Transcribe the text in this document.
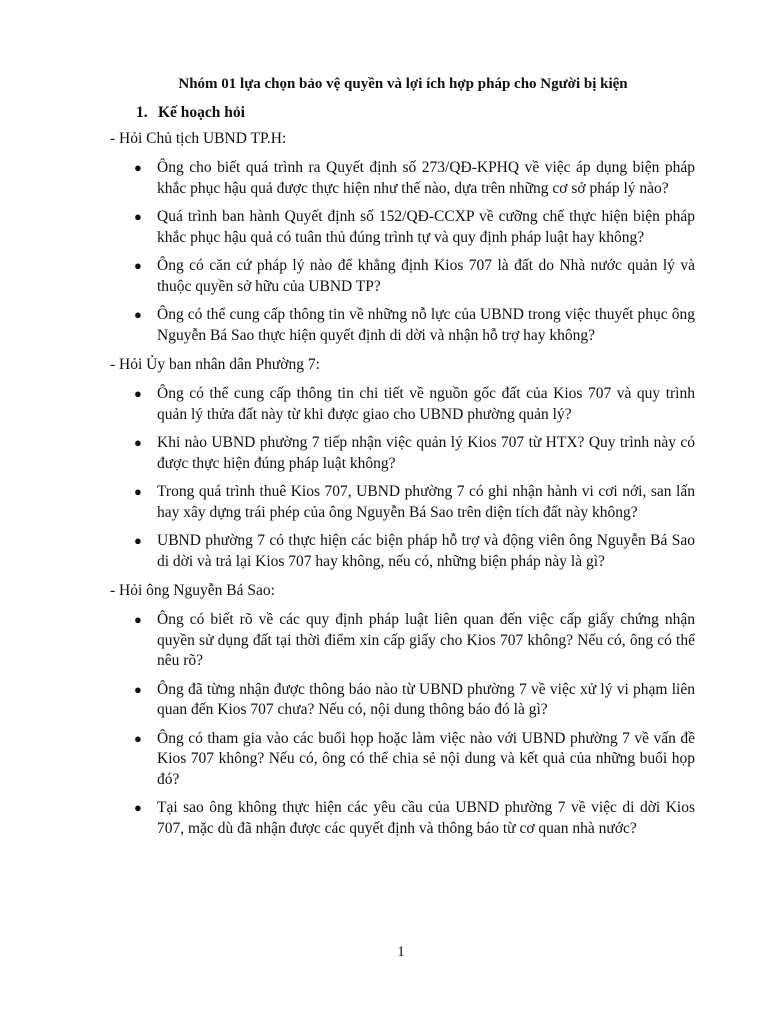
Nhóm 01 lựa chọn bảo vệ quyền và lợi ích hợp pháp cho Người bị kiện
1. Kế hoạch hỏi
- Hỏi Chủ tịch UBND TP.H:
● Ông cho biết quá trình ra Quyết định số 273/QĐ-KPHQ về việc áp dụng biện pháp khắc phục hậu quả được thực hiện như thế nào, dựa trên những cơ sở pháp lý nào?
● Quá trình ban hành Quyết định số 152/QĐ-CCXP về cưỡng chế thực hiện biện pháp khắc phục hậu quả có tuân thủ đúng trình tự và quy định pháp luật hay không?
● Ông có căn cứ pháp lý nào để khẳng định Kios 707 là đất do Nhà nước quản lý và thuộc quyền sở hữu của UBND TP?
● Ông có thể cung cấp thông tin về những nỗ lực của UBND trong việc thuyết phục ông Nguyễn Bá Sao thực hiện quyết định di dời và nhận hỗ trợ hay không?
- Hỏi Ủy ban nhân dân Phường 7:
● Ông có thể cung cấp thông tin chi tiết về nguồn gốc đất của Kios 707 và quy trình quản lý thửa đất này từ khi được giao cho UBND phường quản lý?
● Khi nào UBND phường 7 tiếp nhận việc quản lý Kios 707 từ HTX? Quy trình này có được thực hiện đúng pháp luật không?
● Trong quá trình thuê Kios 707, UBND phường 7 có ghi nhận hành vi cơi nới, san lấn hay xây dựng trái phép của ông Nguyễn Bá Sao trên diện tích đất này không?
● UBND phường 7 có thực hiện các biện pháp hỗ trợ và động viên ông Nguyễn Bá Sao di dời và trả lại Kios 707 hay không, nếu có, những biện pháp này là gì?
- Hỏi ông Nguyễn Bá Sao:
● Ông có biết rõ về các quy định pháp luật liên quan đến việc cấp giấy chứng nhận quyền sử dụng đất tại thời điểm xin cấp giấy cho Kios 707 không? Nếu có, ông có thể nêu rõ?
● Ông đã từng nhận được thông báo nào từ UBND phường 7 về việc xử lý vi phạm liên quan đến Kios 707 chưa? Nếu có, nội dung thông báo đó là gì?
● Ông có tham gia vào các buổi họp hoặc làm việc nào với UBND phường 7 về vấn đề Kios 707 không? Nếu có, ông có thể chia sẻ nội dung và kết quả của những buổi họp đó?
● Tại sao ông không thực hiện các yêu cầu của UBND phường 7 về việc di dời Kios 707, mặc dù đã nhận được các quyết định và thông báo từ cơ quan nhà nước?
1
